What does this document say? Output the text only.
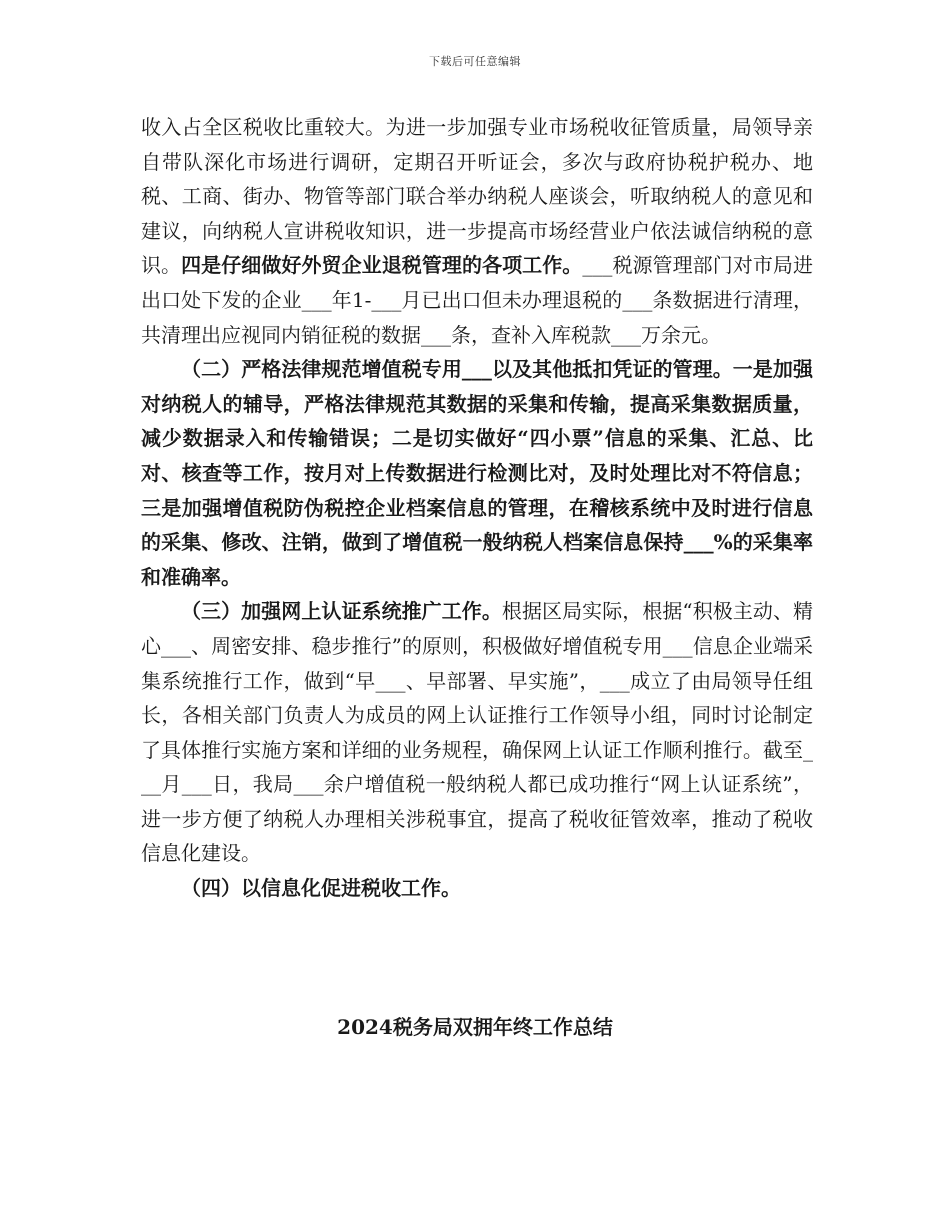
下载后可任意编辑

收入占全区税收比重较大。为进一步加强专业市场税收征管质量，局领导亲自带队深化市场进行调研，定期召开听证会，多次与政府协税护税办、地税、工商、街办、物管等部门联合举办纳税人座谈会，听取纳税人的意见和建议，向纳税人宣讲税收知识，进一步提高市场经营业户依法诚信纳税的意识。四是仔细做好外贸企业退税管理的各项工作。___税源管理部门对市局进出口处下发的企业___年1-___月已出口但未办理退税的___条数据进行清理，共清理出应视同内销征税的数据___条，查补入库税款___万余元。

（二）严格法律规范增值税专用___以及其他抵扣凭证的管理。一是加强对纳税人的辅导，严格法律规范其数据的采集和传输，提高采集数据质量，减少数据录入和传输错误；二是切实做好“四小票”信息的采集、汇总、比对、核查等工作，按月对上传数据进行检测比对，及时处理比对不符信息；三是加强增值税防伪税控企业档案信息的管理，在稽核系统中及时进行信息的采集、修改、注销，做到了增值税一般纳税人档案信息保持___%的采集率和准确率。

（三）加强网上认证系统推广工作。根据区局实际，根据“积极主动、精心___、周密安排、稳步推行”的原则，积极做好增值税专用___信息企业端采集系统推行工作，做到“早___、早部署、早实施”，___成立了由局领导任组长，各相关部门负责人为成员的网上认证推行工作领导小组，同时讨论制定了具体推行实施方案和详细的业务规程，确保网上认证工作顺利推行。截至___月___日，我局___余户增值税一般纳税人都已成功推行“网上认证系统”，进一步方便了纳税人办理相关涉税事宜，提高了税收征管效率，推动了税收信息化建设。

（四）以信息化促进税收工作。

2024税务局双拥年终工作总结
